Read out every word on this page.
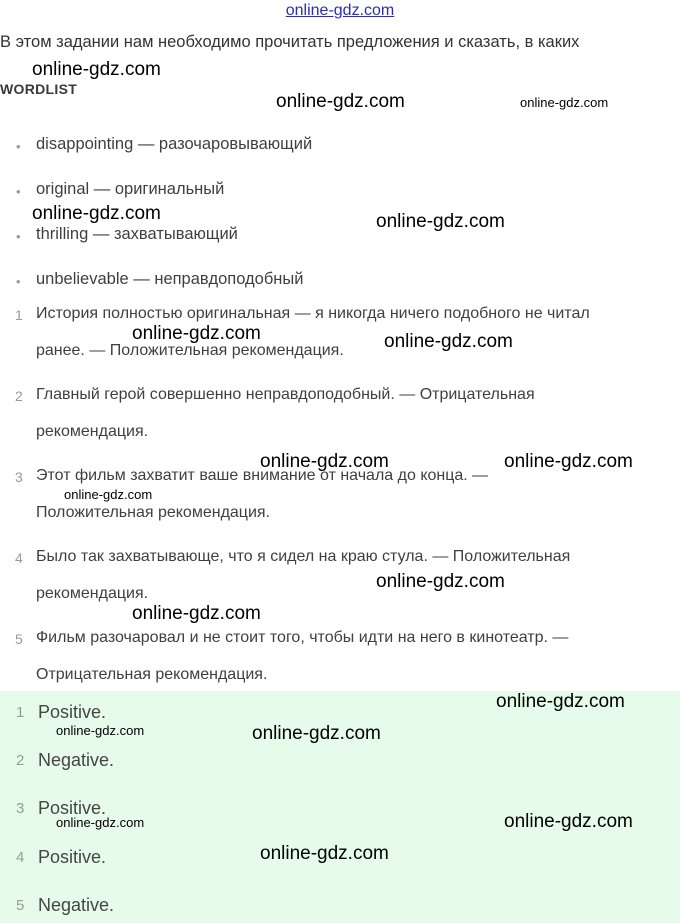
online-gdz.com
В этом задании нам необходимо прочитать предложения и сказать, в каких
WORDLIST
• disappointing — разочаровывающий
• original — оригинальный
• thrilling — захватывающий
• unbelievable — неправдоподобный
1 История полностью оригинальная — я никогда ничего подобного не читал
ранее. — Положительная рекомендация.
2 Главный герой совершенно неправдоподобный. — Отрицательная
рекомендация.
3 Этот фильм захватит ваше внимание от начала до конца. —
Положительная рекомендация.
4 Было так захватывающе, что я сидел на краю стула. — Положительная
рекомендация.
5 Фильм разочаровал и не стоит того, чтобы идти на него в кинотеатр. —
Отрицательная рекомендация.
1 Positive.
2 Negative.
3 Positive.
4 Positive.
5 Negative.
online-gdz.com
online-gdz.com	online-gdz.com
online-gdz.com	online-gdz.com
online-gdz.com	online-gdz.com
online-gdz.com	online-gdz.com
online-gdz.com
online-gdz.com
online-gdz.com
online-gdz.com
online-gdz.com	online-gdz.com
online-gdz.com	online-gdz.com
online-gdz.com
